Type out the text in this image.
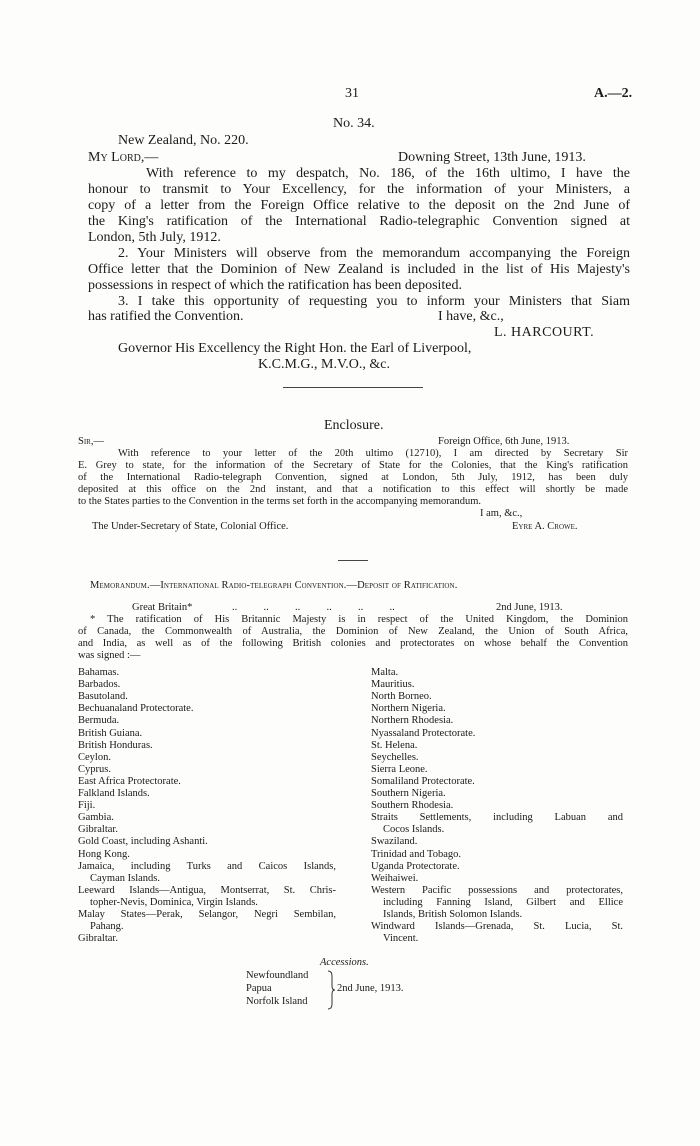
31	A.—2.
No. 34.
New Zealand, No. 220.
My Lord,—	Downing Street, 13th June, 1913.
With reference to my despatch, No. 186, of the 16th ultimo, I have the
honour to transmit to Your Excellency, for the information of your Ministers, a
copy of a letter from the Foreign Office relative to the deposit on the 2nd June of
the King's ratification of the International Radio-telegraphic Convention signed at
London, 5th July, 1912.
2. Your Ministers will observe from the memorandum accompanying the Foreign
Office letter that the Dominion of New Zealand is included in the list of His Majesty's
possessions in respect of which the ratification has been deposited.
3. I take this opportunity of requesting you to inform your Ministers that Siam
has ratified the Convention.	I have, &c.,
L. HARCOURT.
Governor His Excellency the Right Hon. the Earl of Liverpool,
K.C.M.G., M.V.O., &c.
Enclosure.
Sir,—	Foreign Office, 6th June, 1913.
With reference to your letter of the 20th ultimo (12710), I am directed by Secretary Sir
E. Grey to state, for the information of the Secretary of State for the Colonies, that the King's ratification
of the International Radio-telegraph Convention, signed at London, 5th July, 1912, has been duly
deposited at this office on the 2nd instant, and that a notification to this effect will shortly be made
to the States parties to the Convention in the terms set forth in the accompanying memorandum.
I am, &c.,
The Under-Secretary of State, Colonial Office.	Eyre A. Crowe.
Memorandum.—International Radio-telegraph Convention.—Deposit of Ratification.
Great Britain*	..          ..          ..          ..          ..          ..	2nd June, 1913.
* The ratification of His Britannic Majesty is in respect of the United Kingdom, the Dominion
of Canada, the Commonwealth of Australia, the Dominion of New Zealand, the Union of South Africa,
and India, as well as of the following British colonies and protectorates on whose behalf the Convention
was signed :—
Bahamas.
Barbados.
Basutoland.
Bechuanaland Protectorate.
Bermuda.
British Guiana.
British Honduras.
Ceylon.
Cyprus.
East Africa Protectorate.
Falkland Islands.
Fiji.
Gambia.
Gibraltar.
Gold Coast, including Ashanti.
Hong Kong.
Jamaica, including Turks and Caicos Islands,
Cayman Islands.
Leeward Islands—Antigua, Montserrat, St. Chris-
topher-Nevis, Dominica, Virgin Islands.
Malay States—Perak, Selangor, Negri Sembilan,
Pahang.
Gibraltar.
Malta.
Mauritius.
North Borneo.
Northern Nigeria.
Northern Rhodesia.
Nyassaland Protectorate.
St. Helena.
Seychelles.
Sierra Leone.
Somaliland Protectorate.
Southern Nigeria.
Southern Rhodesia.
Straits Settlements, including Labuan and
Cocos Islands.
Swaziland.
Trinidad and Tobago.
Uganda Protectorate.
Weihaiwei.
Western Pacific possessions and protectorates,
including Fanning Island, Gilbert and Ellice
Islands, British Solomon Islands.
Windward Islands—Grenada, St. Lucia, St.
Vincent.
Accessions.
Newfoundland
Papua
Norfolk Island
2nd June, 1913.
